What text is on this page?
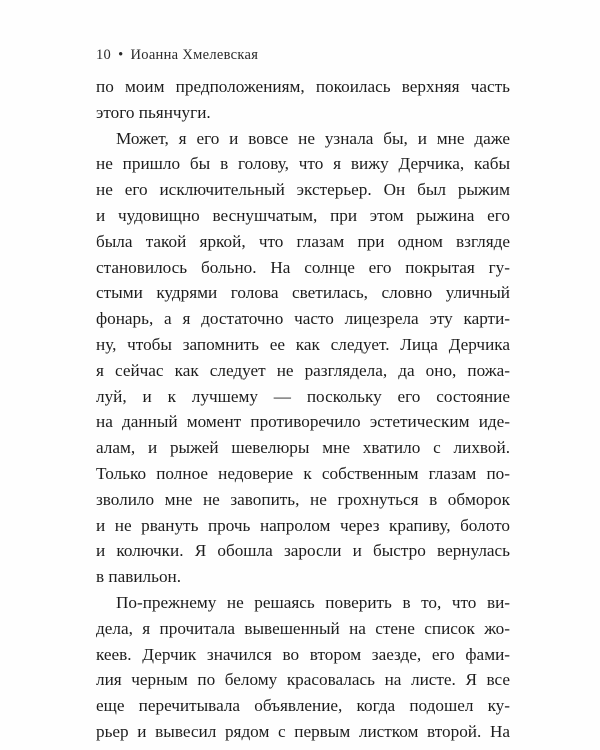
10 • Иоанна Хмелевская
по моим предположениям, покоилась верхняя часть
этого пьянчуги.
Может, я его и вовсе не узнала бы, и мне даже
не пришло бы в голову, что я вижу Дерчика, кабы
не его исключительный экстерьер. Он был рыжим
и чудовищно веснушчатым, при этом рыжина его
была такой яркой, что глазам при одном взгляде
становилось больно. На солнце его покрытая гу-
стыми кудрями голова светилась, словно уличный
фонарь, а я достаточно часто лицезрела эту карти-
ну, чтобы запомнить ее как следует. Лица Дерчика
я сейчас как следует не разглядела, да оно, пожа-
луй, и к лучшему — поскольку его состояние
на данный момент противоречило эстетическим иде-
алам, и рыжей шевелюры мне хватило с лихвой.
Только полное недоверие к собственным глазам по-
зволило мне не завопить, не грохнуться в обморок
и не рвануть прочь напролом через крапиву, болото
и колючки. Я обошла заросли и быстро вернулась
в павильон.
По-прежнему не решаясь поверить в то, что ви-
дела, я прочитала вывешенный на стене список жо-
кеев. Дерчик значился во втором заезде, его фами-
лия черным по белому красовалась на листе. Я все
еще перечитывала объявление, когда подошел ку-
рьер и вывесил рядом с первым листком второй. На
